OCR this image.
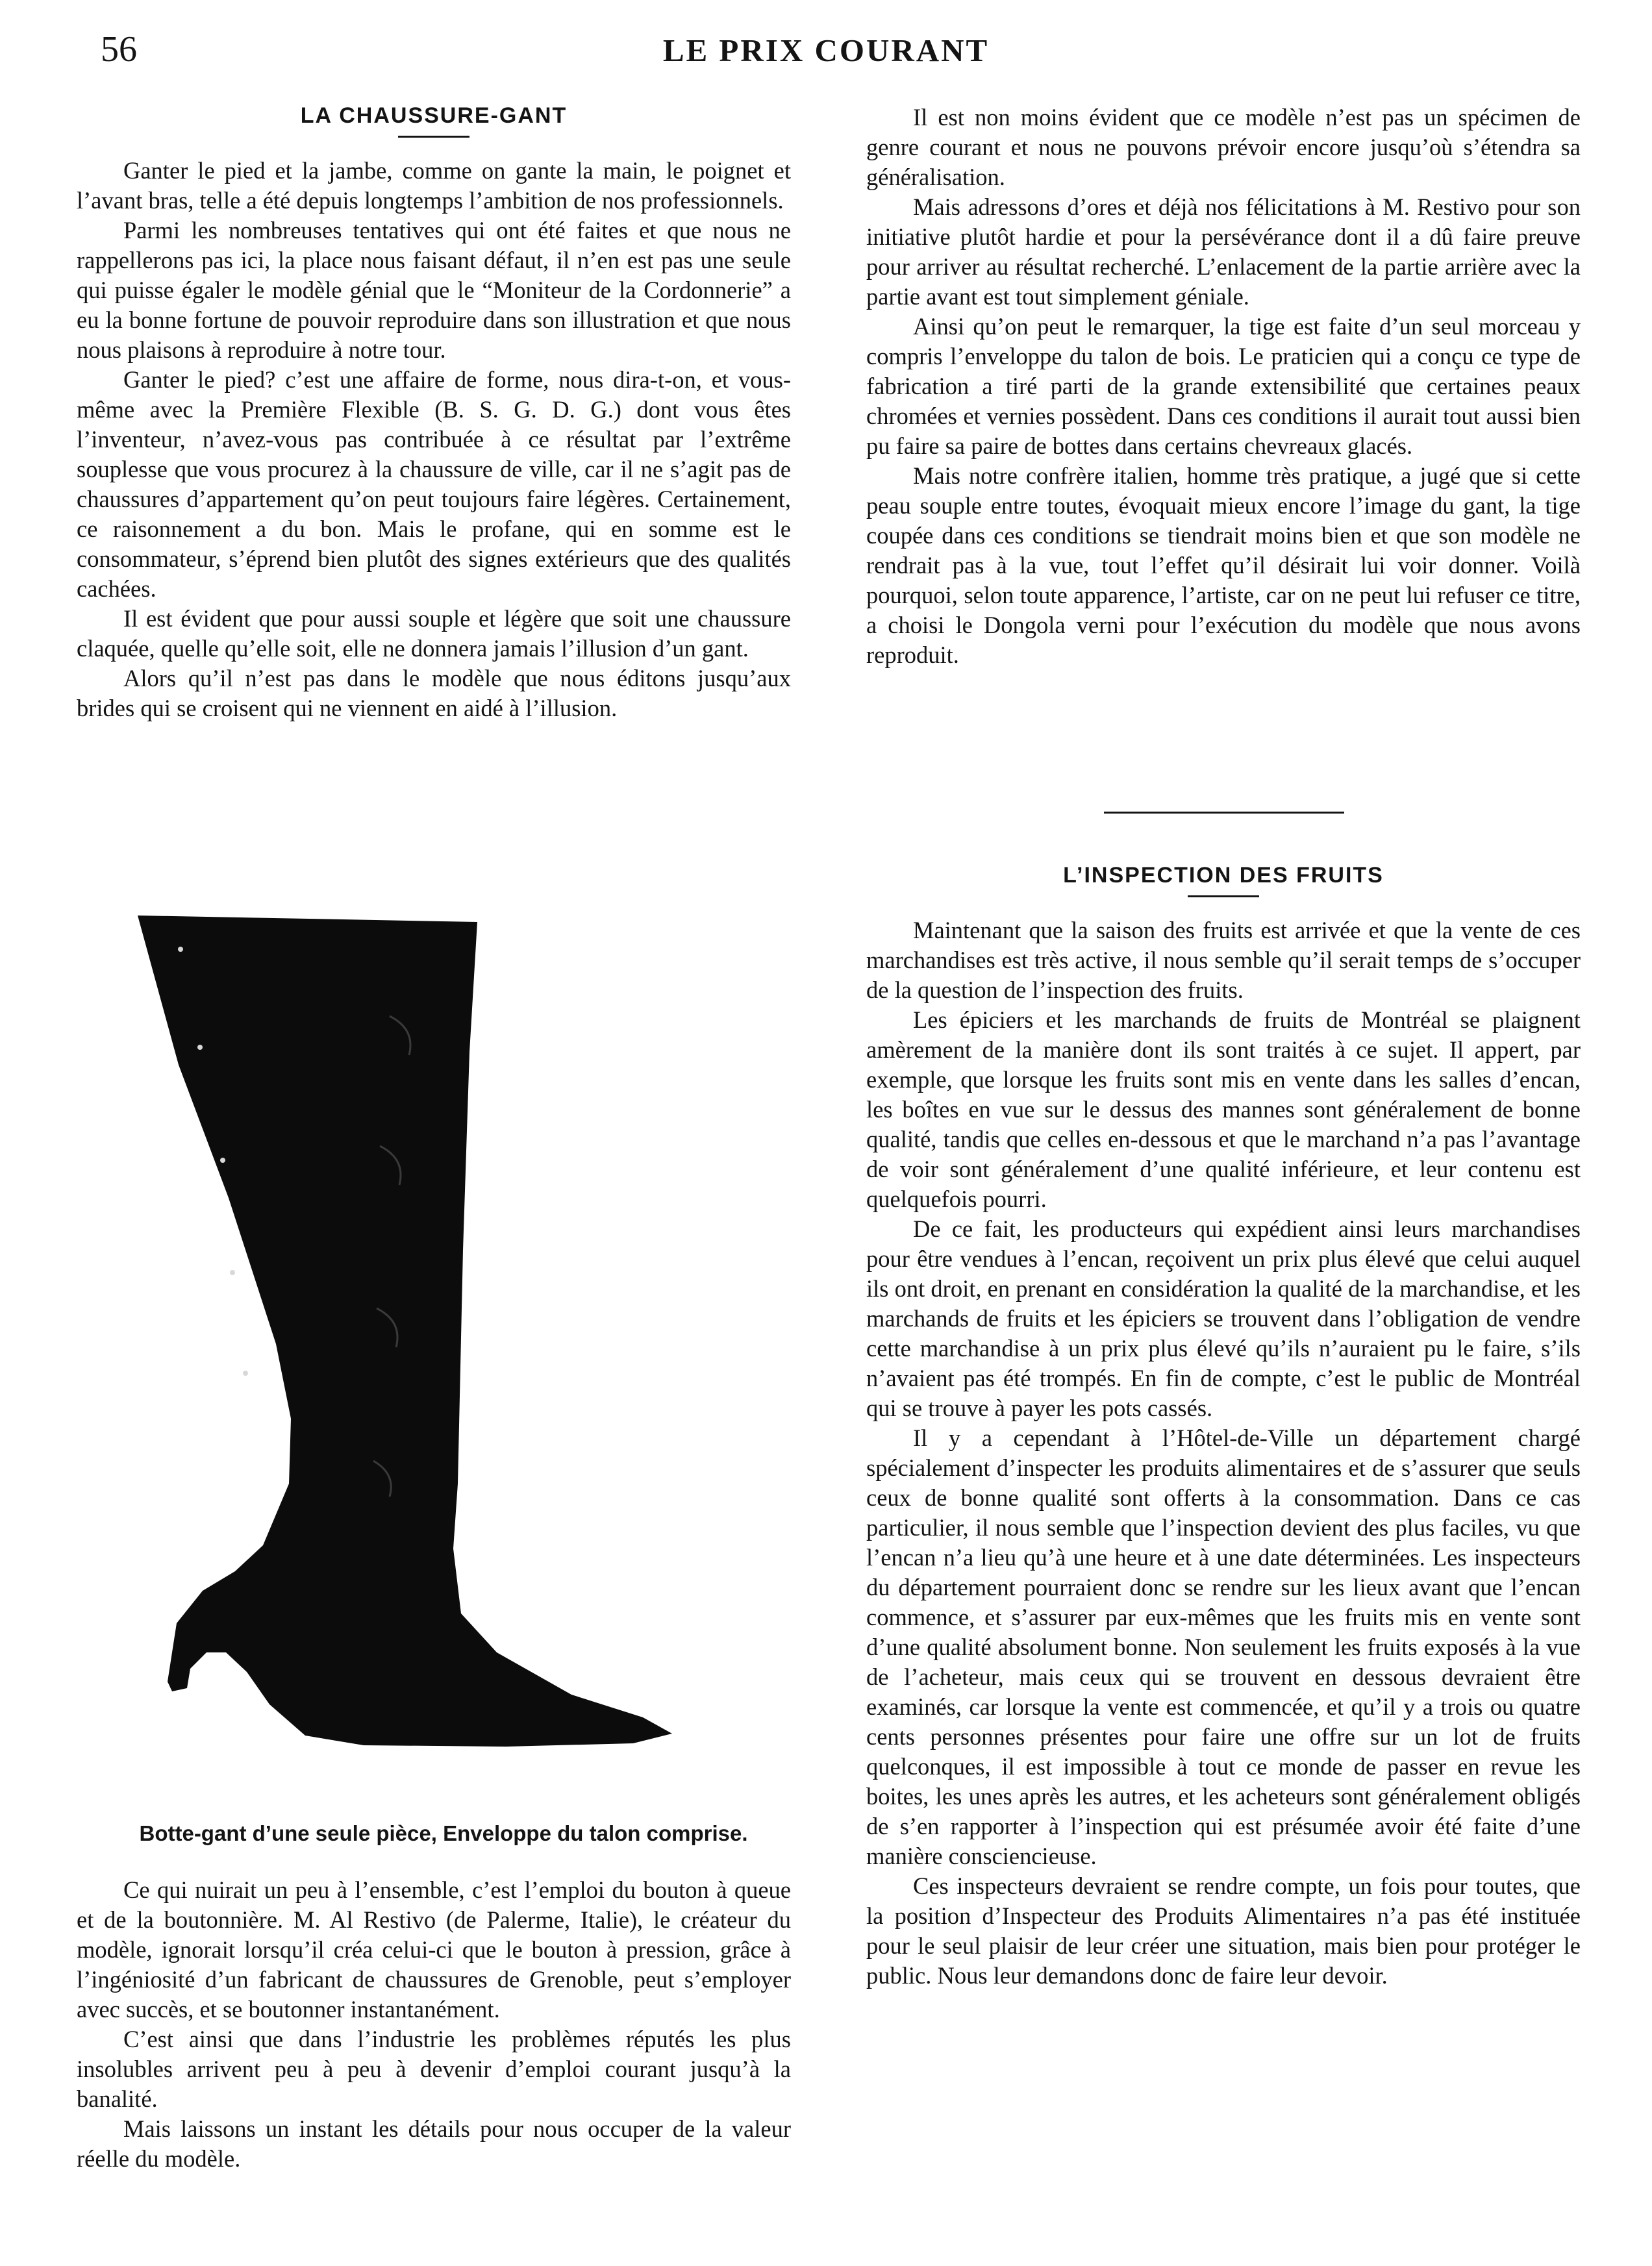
56	LE PRIX COURANT
LA CHAUSSURE-GANT

Ganter le pied et la jambe, comme on gante la main, le poignet et l’avant bras, telle a été depuis longtemps l’ambition de nos professionnels.

Parmi les nombreuses tentatives qui ont été faites et que nous ne rappellerons pas ici, la place nous faisant défaut, il n’en est pas une seule qui puisse égaler le modèle génial que le “Moniteur de la Cordonnerie” a eu la bonne fortune de pouvoir reproduire dans son illustration et que nous nous plaisons à reproduire à notre tour.

Ganter le pied? c’est une affaire de forme, nous dira-t-on, et vous-même avec la Première Flexible (B. S. G. D. G.) dont vous êtes l’inventeur, n’avez-vous pas contribuée à ce résultat par l’extrême souplesse que vous procurez à la chaussure de ville, car il ne s’agit pas de chaussures d’appartement qu’on peut toujours faire légères. Certainement, ce raisonnement a du bon. Mais le profane, qui en somme est le consommateur, s’éprend bien plutôt des signes extérieurs que des qualités cachées.

Il est évident que pour aussi souple et légère que soit une chaussure claquée, quelle qu’elle soit, elle ne donnera jamais l’illusion d’un gant.

Alors qu’il n’est pas dans le modèle que nous éditons jusqu’aux brides qui se croisent qui ne viennent en aidé à l’illusion.

Botte-gant d’une seule pièce, Enveloppe du talon comprise.

Ce qui nuirait un peu à l’ensemble, c’est l’emploi du bouton à queue et de la boutonnière. M. Al Restivo (de Palerme, Italie), le créateur du modèle, ignorait lorsqu’il créa celui-ci que le bouton à pression, grâce à l’ingéniosité d’un fabricant de chaussures de Grenoble, peut s’employer avec succès, et se boutonner instantanément.

C’est ainsi que dans l’industrie les problèmes réputés les plus insolubles arrivent peu à peu à devenir d’emploi courant jusqu’à la banalité.

Mais laissons un instant les détails pour nous occuper de la valeur réelle du modèle.

Il est non moins évident que ce modèle n’est pas un spécimen de genre courant et nous ne pouvons prévoir encore jusqu’où s’étendra sa généralisation.

Mais adressons d’ores et déjà nos félicitations à M. Restivo pour son initiative plutôt hardie et pour la persévérance dont il a dû faire preuve pour arriver au résultat recherché. L’enlacement de la partie arrière avec la partie avant est tout simplement géniale.

Ainsi qu’on peut le remarquer, la tige est faite d’un seul morceau y compris l’enveloppe du talon de bois. Le praticien qui a conçu ce type de fabrication a tiré parti de la grande extensibilité que certaines peaux chromées et vernies possèdent. Dans ces conditions il aurait tout aussi bien pu faire sa paire de bottes dans certains chevreaux glacés.

Mais notre confrère italien, homme très pratique, a jugé que si cette peau souple entre toutes, évoquait mieux encore l’image du gant, la tige coupée dans ces conditions se tiendrait moins bien et que son modèle ne rendrait pas à la vue, tout l’effet qu’il désirait lui voir donner. Voilà pourquoi, selon toute apparence, l’artiste, car on ne peut lui refuser ce titre, a choisi le Dongola verni pour l’exécution du modèle que nous avons reproduit.

L’INSPECTION DES FRUITS

Maintenant que la saison des fruits est arrivée et que la vente de ces marchandises est très active, il nous semble qu’il serait temps de s’occuper de la question de l’inspection des fruits.

Les épiciers et les marchands de fruits de Montréal se plaignent amèrement de la manière dont ils sont traités à ce sujet. Il appert, par exemple, que lorsque les fruits sont mis en vente dans les salles d’encan, les boîtes en vue sur le dessus des mannes sont généralement de bonne qualité, tandis que celles en-dessous et que le marchand n’a pas l’avantage de voir sont généralement d’une qualité inférieure, et leur contenu est quelquefois pourri.

De ce fait, les producteurs qui expédient ainsi leurs marchandises pour être vendues à l’encan, reçoivent un prix plus élevé que celui auquel ils ont droit, en prenant en considération la qualité de la marchandise, et les marchands de fruits et les épiciers se trouvent dans l’obligation de vendre cette marchandise à un prix plus élevé qu’ils n’auraient pu le faire, s’ils n’avaient pas été trompés. En fin de compte, c’est le public de Montréal qui se trouve à payer les pots cassés.

Il y a cependant à l’Hôtel-de-Ville un département chargé spécialement d’inspecter les produits alimentaires et de s’assurer que seuls ceux de bonne qualité sont offerts à la consommation. Dans ce cas particulier, il nous semble que l’inspection devient des plus faciles, vu que l’encan n’a lieu qu’à une heure et à une date déterminées. Les inspecteurs du département pourraient donc se rendre sur les lieux avant que l’encan commence, et s’assurer par eux-mêmes que les fruits mis en vente sont d’une qualité absolument bonne. Non seulement les fruits exposés à la vue de l’acheteur, mais ceux qui se trouvent en dessous devraient être examinés, car lorsque la vente est commencée, et qu’il y a trois ou quatre cents personnes présentes pour faire une offre sur un lot de fruits quelconques, il est impossible à tout ce monde de passer en revue les boites, les unes après les autres, et les acheteurs sont généralement obligés de s’en rapporter à l’inspection qui est présumée avoir été faite d’une manière consciencieuse.

Ces inspecteurs devraient se rendre compte, un fois pour toutes, que la position d’Inspecteur des Produits Alimentaires n’a pas été instituée pour le seul plaisir de leur créer une situation, mais bien pour protéger le public. Nous leur demandons donc de faire leur devoir.
